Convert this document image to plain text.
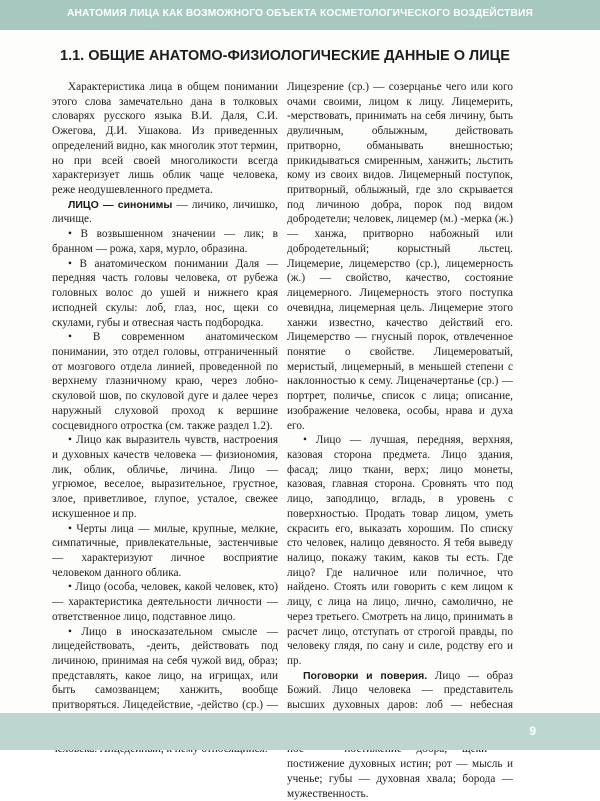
АНАТОМИЯ ЛИЦА КАК ВОЗМОЖНОГО ОБЪЕКТА КОСМЕТОЛОГИЧЕСКОГО ВОЗДЕЙСТВИЯ
1.1. ОБЩИЕ АНАТОМО-ФИЗИОЛОГИЧЕСКИЕ ДАННЫЕ О ЛИЦЕ

Характеристика лица в общем понимании этого слова замечательно дана в толковых словарях русского языка В.И. Даля, С.И. Ожегова, Д.И. Ушакова. Из приведенных определений видно, как многолик этот термин, но при всей своей многоликости всегда характеризует лишь облик чаще человека, реже неодушевленного предмета.

ЛИЦО — синонимы — личико, личишко, личище.

• В возвышенном значении — лик; в бранном — рожа, харя, мурло, образина.

• В анатомическом понимании Даля — передняя часть головы человека, от рубежа головных волос до ушей и нижнего края исподней скулы: лоб, глаз, нос, щеки со скулами, губы и отвесная часть подбородка.

• В современном анатомическом понимании, это отдел головы, отграниченный от мозгового отдела линией, проведенной по верхнему глазничному краю, через лобно-скуловой шов, по скуловой дуге и далее через наружный слуховой проход к вершине сосцевидного отростка (см. также раздел 1.2).

• Лицо как выразитель чувств, настроения и духовных качеств человека — физиономия, лик, облик, обличье, личина. Лицо — угрюмое, веселое, выразительное, грустное, злое, приветливое, глупое, усталое, свежее искушенное и пр.

• Черты лица — милые, крупные, мелкие, симпатичные, привлекательные, застенчивые — характеризуют личное восприятие человеком данного облика.

• Лицо (особа, человек, какой человек, кто) — характеристика деятельности личности — ответственное лицо, подставное лицо.

• Лицо в иносказательном смысле — лицедействовать, -деить, действовать под личиною, принимая на себя чужой вид, образ; представлять, какое лицо, на игрищах, или быть самозванцем; ханжить, вообще притворяться. Лицедействие, -действо (ср.) —

Лицезрение (ср.) — созерцанье чего или кого очами своими, лицом к лицу. Лицемерить, -мерствовать, принимать на себя личину, быть двуличным, облыжным, действовать притворно, обманывать внешностью; прикидываться смиренным, ханжить; льстить кому из своих видов. Лицемерный поступок, притворный, облыжный, где зло скрывается под личиною добра, порок под видом добродетели; человек, лицемер (м.) -мерка (ж.) — ханжа, притворно набожный или добродетельный; корыстный льстец. Лицемерие, лицемерство (ср.), лицемерность (ж.) — свойство, качество, состояние лицемерного. Лицемерность этого поступка очевидна, лицемерная цель. Лицемерие этого ханжи известно, качество действий его. Лицемерство — гнусный порок, отвлеченное понятие о свойстве. Лицемероватый, меристый, лицемерный, в меньшей степени с наклонностью к сему. Лиценачертанье (ср.) — портрет, поличье, список с лица; описание, изображение человека, особы, нрава и духа его.

• Лицо — лучшая, передняя, верхняя, казовая сторона предмета. Лицо здания, фасад; лицо ткани, верх; лицо монеты, казовая, главная сторона. Сровнять что под лицо, заподлицо, вгладь, в уровень с поверхностью. Продать товар лицом, уметь скрасить его, выказать хорошим. По списку сто человек, налицо девяносто. Я тебя выведу налицо, покажу таким, каков ты есть. Где лицо? Где наличное или поличное, что найдено. Стоять или говорить с кем лицом к лицу, с лица на лицо, лично, самолично, не через третьего. Смотреть на лицо, принимать в расчет лицо, отступать от строгой правды, по человеку глядя, по сану и силе, родству его и пр.

Поговорки и поверия. Лицо — образ Божий. Лицо человека — представитель высших духовных даров: лоб — небесная постижение духовных истин; рот — мысль и ученье; губы — духовная хвала; борода — мужественность.

9
